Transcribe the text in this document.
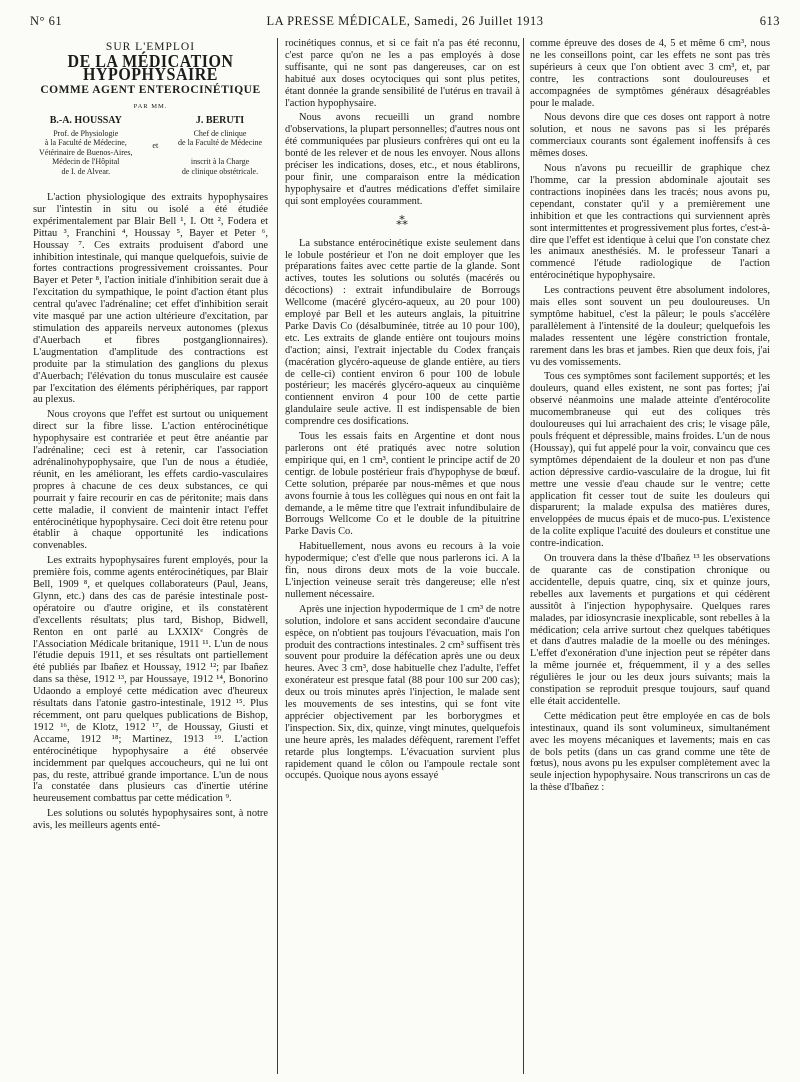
N° 61	LA PRESSE MÉDICALE, Samedi, 26 Juillet 1913	613
SUR L'EMPLOI
DE LA MÉDICATION HYPOPHYSAIRE
COMME AGENT ENTEROCINÉTIQUE
PAR MM.
B.-A. HOUSSAY
Prof. de Physiologie
à la Faculté de Médecine,
Vétérinaire de Buenos-Aires,
Médecin de l'Hôpital
de I. de Alvear.
et
J. BERUTI
Chef de clinique
de la Faculté de Médecine
inscrit à la Charge
de clinique obstétricale.

L'action physiologique des extraits hypophysaires sur l'intestin in situ ou isolé a été étudiée expérimentalement par Blair Bell ¹, I. Ott ², Fodera et Pittau ³, Franchini ⁴, Houssay ⁵, Bayer et Peter ⁶, Houssay ⁷. Ces extraits produisent d'abord une inhibition intestinale, qui manque quelquefois, suivie de fortes contractions progressivement croissantes. Pour Bayer et Peter ⁸, l'action initiale d'inhibition serait due à l'excitation du sympathique, le point d'action étant plus central qu'avec l'adrénaline; cet effet d'inhibition serait vite masqué par une action ultérieure d'excitation, par stimulation des appareils nerveux autonomes (plexus d'Auerbach et fibres postganglionnaires). L'augmentation d'amplitude des contractions est produite par la stimulation des ganglions du plexus d'Auerbach; l'élévation du tonus musculaire est causée par l'excitation des éléments périphériques, par rapport au plexus.

Nous croyons que l'effet est surtout ou uniquement direct sur la fibre lisse. L'action entérocinétique hypophysaire est contrariée et peut être anéantie par l'adrénaline; ceci est à retenir, car l'association adrénalinohypophysaire, que l'un de nous a étudiée, réunit, en les améliorant, les effets cardio-vasculaires propres à chacune de ces deux substances, ce qui pourrait y faire recourir en cas de péritonite; mais dans cette maladie, il convient de maintenir intact l'effet entérocinétique hypophysaire. Ceci doit être retenu pour établir à chaque opportunité les indications convenables.

Les extraits hypophysaires furent employés, pour la première fois, comme agents entérocinétiques, par Blair Bell, 1909 ⁸, et quelques collaborateurs (Paul, Jeans, Glynn, etc.) dans des cas de parésie intestinale post-opératoire ou d'autre origine, et ils constatèrent d'excellents résultats; plus tard, Bishop, Bidwell, Renton en ont parlé au LXXIXᵉ Congrès de l'Association Médicale britanique, 1911 ¹¹. L'un de nous l'étudie depuis 1911, et ses résultats ont partiellement été publiés par Ibañez et Houssay, 1912 ¹²; par Ibañez dans sa thèse, 1912 ¹³, par Houssaye, 1912 ¹⁴, Bonorino Udaondo a employé cette médication avec d'heureux résultats dans l'atonie gastro-intestinale, 1912 ¹⁵. Plus récemment, ont paru quelques publications de Bishop, 1912 ¹⁶, de Klotz, 1912 ¹⁷, de Houssay, Giusti et Accame, 1912 ¹⁸; Martinez, 1913 ¹⁹. L'action entérocinétique hypophysaire a été observée incidemment par quelques accoucheurs, qui ne lui ont pas, du reste, attribué grande importance. L'un de nous l'a constatée dans plusieurs cas d'inertie utérine heureusement combattus par cette médication ⁹.

Les solutions ou solutés hypophysaires sont, à notre avis, les meilleurs agents enté-

rocinétiques connus, et si ce fait n'a pas été reconnu, c'est parce qu'on ne les a pas employés à dose suffisante, qui ne sont pas dangereuses, car on est habitué aux doses ocytociques qui sont plus petites, étant donnée la grande sensibilité de l'utérus en travail à l'action hypophysaire.

Nous avons recueilli un grand nombre d'observations, la plupart personnelles; d'autres nous ont été communiquées par plusieurs confrères qui ont eu la bonté de les relever et de nous les envoyer. Nous allons préciser les indications, doses, etc., et nous établirons, pour finir, une comparaison entre la médication hypophysaire et d'autres médications d'effet similaire qui sont employées couramment.

⁂

La substance entérocinétique existe seulement dans le lobule postérieur et l'on ne doit employer que les préparations faites avec cette partie de la glande. Sont actives, toutes les solutions ou solutés (macérés ou décoctions) : extrait infundibulaire de Borrougs Wellcome (macéré glycéro-aqueux, au 20 pour 100) employé par Bell et les auteurs anglais, la pituitrine Parke Davis Co (désalbuminée, titrée au 10 pour 100), etc. Les extraits de glande entière ont toujours moins d'action; ainsi, l'extrait injectable du Codex français (macération glycéro-aqueuse de glande entière, au tiers de celle-ci) contient environ 6 pour 100 de lobule postérieur; les macérés glycéro-aqueux au cinquième contiennent environ 4 pour 100 de cette partie glandulaire seule active. Il est indispensable de bien comprendre ces dosifications.

Tous les essais faits en Argentine et dont nous parlerons ont été pratiqués avec notre solution empirique qui, en 1 cm³, contient le principe actif de 20 centigr. de lobule postérieur frais d'hypophyse de bœuf. Cette solution, préparée par nous-mêmes et que nous avons fournie à tous les collègues qui nous en ont fait la demande, a le même titre que l'extrait infundibulaire de Borrougs Wellcome Co et le double de la pituitrine Parke Davis Co.

Habituellement, nous avons eu recours à la voie hypodermique; c'est d'elle que nous parlerons ici. A la fin, nous dirons deux mots de la voie buccale. L'injection veineuse serait très dangereuse; elle n'est nullement nécessaire.

Après une injection hypodermique de 1 cm³ de notre solution, indolore et sans accident secondaire d'aucune espèce, on n'obtient pas toujours l'évacuation, mais l'on produit des contractions intestinales. 2 cm³ suffisent très souvent pour produire la défécation après une ou deux heures. Avec 3 cm³, dose habituelle chez l'adulte, l'effet exonérateur est presque fatal (88 pour 100 sur 200 cas); deux ou trois minutes après l'injection, le malade sent les mouvements de ses intestins, qui se font vite apprécier objectivement par les borborygmes et l'inspection. Six, dix, quinze, vingt minutes, quelquefois une heure après, les malades défèquent, rarement l'effet retarde plus longtemps. L'évacuation survient plus rapidement quand le côlon ou l'ampoule rectale sont occupés. Quoique nous ayons essayé

comme épreuve des doses de 4, 5 et même 6 cm³, nous ne les conseillons point, car les effets ne sont pas très supérieurs à ceux que l'on obtient avec 3 cm³, et, par contre, les contractions sont douloureuses et accompagnées de symptômes généraux désagréables pour le malade.

Nous devons dire que ces doses ont rapport à notre solution, et nous ne savons pas si les préparés commerciaux courants sont également inoffensifs à ces mêmes doses.

Nous n'avons pu recueillir de graphique chez l'homme, car la pression abdominale ajoutait ses contractions inopinées dans les tracés; nous avons pu, cependant, constater qu'il y a premièrement une inhibition et que les contractions qui surviennent après sont intermittentes et progressivement plus fortes, c'est-à-dire que l'effet est identique à celui que l'on constate chez les animaux anesthésiés. M. le professeur Tanari a commencé l'étude radiologique de l'action entérocinétique hypophysaire.

Les contractions peuvent être absolument indolores, mais elles sont souvent un peu douloureuses. Un symptôme habituel, c'est la pâleur; le pouls s'accélère parallèlement à l'intensité de la douleur; quelquefois les malades ressentent une légère constriction frontale, rarement dans les bras et jambes. Rien que deux fois, j'ai vu des vomissements.

Tous ces symptômes sont facilement supportés; et les douleurs, quand elles existent, ne sont pas fortes; j'ai observé néanmoins une malade atteinte d'entérocolite mucomembraneuse qui eut des coliques très douloureuses qui lui arrachaient des cris; le visage pâle, pouls fréquent et dépressible, mains froides. L'un de nous (Houssay), qui fut appelé pour la voir, convaincu que ces symptômes dépendaient de la douleur et non pas d'une action dépressive cardio-vasculaire de la drogue, lui fit mettre une vessie d'eau chaude sur le ventre; cette application fit cesser tout de suite les douleurs qui disparurent; la malade expulsa des matières dures, enveloppées de mucus épais et de muco-pus. L'existence de la colite explique l'acuité des douleurs et constitue une contre-indication.

On trouvera dans la thèse d'Ibañez ¹³ les observations de quarante cas de constipation chronique ou accidentelle, depuis quatre, cinq, six et quinze jours, rebelles aux lavements et purgations et qui cédèrent aussitôt à l'injection hypophysaire. Quelques rares malades, par idiosyncrasie inexplicable, sont rebelles à la médication; cela arrive surtout chez quelques tabétiques et dans d'autres maladie de la moelle ou des méninges. L'effet d'exonération d'une injection peut se répéter dans la même journée et, fréquemment, il y a des selles régulières le jour ou les deux jours suivants; mais la constipation se reproduit presque toujours, sauf quand elle était accidentelle.

Cette médication peut être employée en cas de bols intestinaux, quand ils sont volumineux, simultanément avec les moyens mécaniques et lavements; mais en cas de bols petits (dans un cas grand comme une tête de fœtus), nous avons pu les expulser complètement avec la seule injection hypophysaire. Nous transcrirons un cas de la thèse d'Ibañez :
